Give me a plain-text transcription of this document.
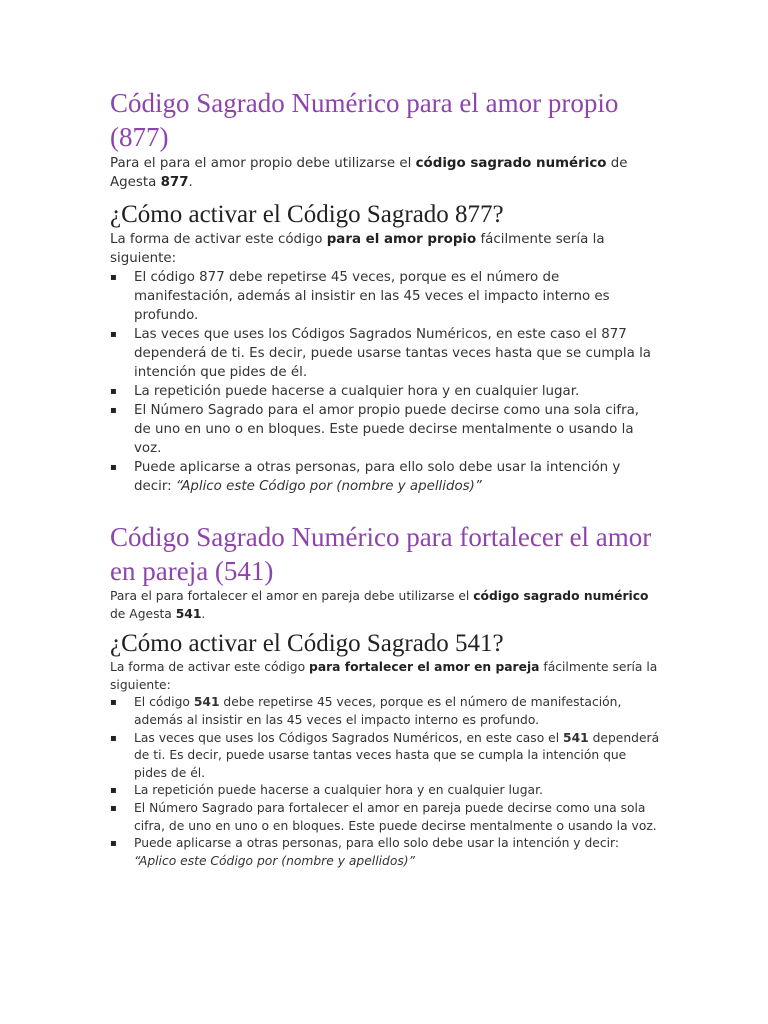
Código Sagrado Numérico para el amor propio (877)

Para el para el amor propio debe utilizarse el código sagrado numérico de Agesta 877.

¿Cómo activar el Código Sagrado 877?

La forma de activar este código para el amor propio fácilmente sería la siguiente:

▪ El código 877 debe repetirse 45 veces, porque es el número de manifestación, además al insistir en las 45 veces el impacto interno es profundo.
▪ Las veces que uses los Códigos Sagrados Numéricos, en este caso el 877 dependerá de ti. Es decir, puede usarse tantas veces hasta que se cumpla la intención que pides de él.
▪ La repetición puede hacerse a cualquier hora y en cualquier lugar.
▪ El Número Sagrado para el amor propio puede decirse como una sola cifra, de uno en uno o en bloques. Este puede decirse mentalmente o usando la voz.
▪ Puede aplicarse a otras personas, para ello solo debe usar la intención y decir: “Aplico este Código por (nombre y apellidos)”
Código Sagrado Numérico para fortalecer el amor en pareja (541)

Para el para fortalecer el amor en pareja debe utilizarse el código sagrado numérico de Agesta 541.

¿Cómo activar el Código Sagrado 541?

La forma de activar este código para fortalecer el amor en pareja fácilmente sería la siguiente:

▪ El código 541 debe repetirse 45 veces, porque es el número de manifestación, además al insistir en las 45 veces el impacto interno es profundo.
▪ Las veces que uses los Códigos Sagrados Numéricos, en este caso el 541 dependerá de ti. Es decir, puede usarse tantas veces hasta que se cumpla la intención que pides de él.
▪ La repetición puede hacerse a cualquier hora y en cualquier lugar.
▪ El Número Sagrado para fortalecer el amor en pareja puede decirse como una sola cifra, de uno en uno o en bloques. Este puede decirse mentalmente o usando la voz.
▪ Puede aplicarse a otras personas, para ello solo debe usar la intención y decir: “Aplico este Código por (nombre y apellidos)”
